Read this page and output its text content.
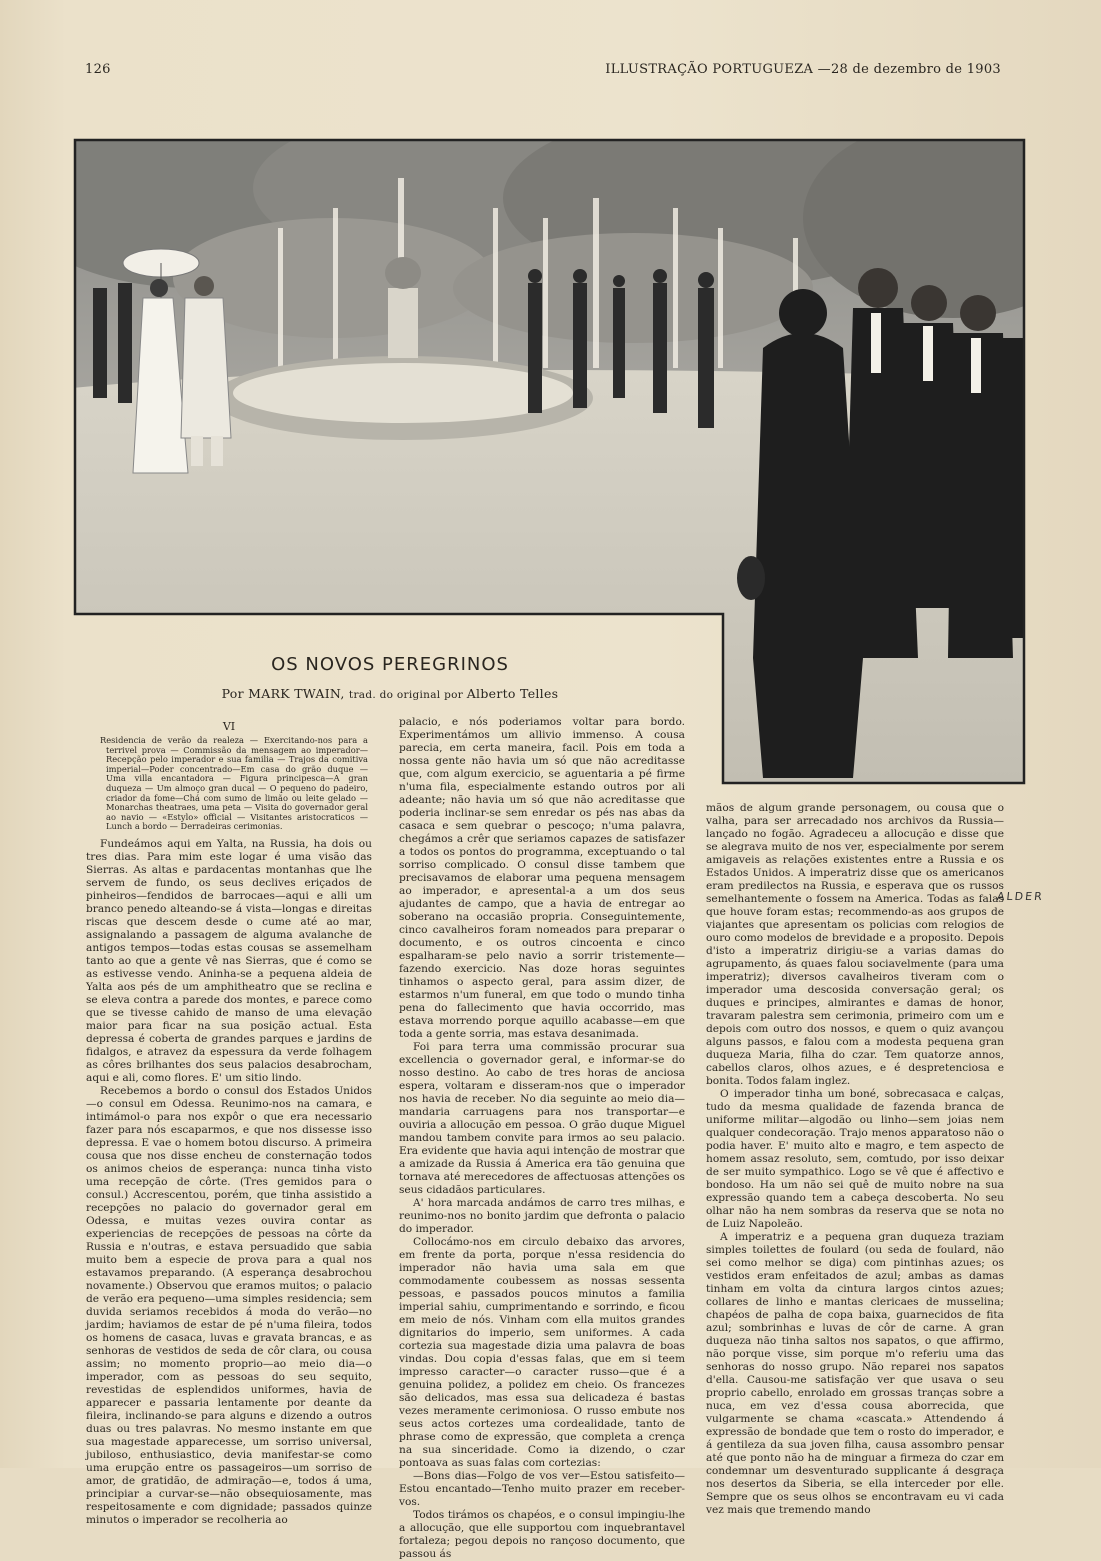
126	ILLUSTRAÇÃO PORTUGUEZA —28 de dezembro de 1903
ALDER
OS NOVOS PEREGRINOS
Por MARK TWAIN, trad. do original por Alberto Telles
VI
Residencia de verão da realeza — Exercitando-nos para a terrivel prova — Commissão da mensagem ao imperador—Recepção pelo imperador e sua familia — Trajos da comitiva imperial—Poder concentrado—Em casa do grão duque — Uma villa encantadora — Figura principesca—A gran duqueza — Um almoço gran ducal — O pequeno do padeiro, criador da fome—Chá com sumo de limão ou leite gelado — Monarchas theatraes, uma peta — Visita do governador geral ao navio — «Estylo» official — Visitantes aristocraticos — Lunch a bordo — Derradeiras cerimonias.

Fundeámos aqui em Yalta, na Russia, ha dois ou tres dias. Para mim este logar é uma visão das Sierras. As altas e pardacentas montanhas que lhe servem de fundo, os seus declives eriçados de pinheiros—fendidos de barrocaes—aqui e alli um branco penedo alteando-se á vista—longas e direitas riscas que descem desde o cume até ao mar, assignalando a passagem de alguma avalanche de antigos tempos—todas estas cousas se assemelham tanto ao que a gente vê nas Sierras, que é como se as estivesse vendo. Aninha-se a pequena aldeia de Yalta aos pés de um amphitheatro que se reclina e se eleva contra a parede dos montes, e parece como que se tivesse cahido de manso de uma elevação maior para ficar na sua posição actual. Esta depressa é coberta de grandes parques e jardins de fidalgos, e atravez da espessura da verde folhagem as côres brilhantes dos seus palacios desabrocham, aqui e ali, como flores. E' um sitio lindo.

Recebemos a bordo o consul dos Estados Unidos—o consul em Odessa. Reunimo-nos na camara, e intimámol-o para nos expôr o que era necessario fazer para nós escaparmos, e que nos dissesse isso depressa. E vae o homem botou discurso. A primeira cousa que nos disse encheu de consternação todos os animos cheios de esperança: nunca tinha visto uma recepção de côrte. (Tres gemidos para o consul.) Accrescentou, porém, que tinha assistido a recepções no palacio do governador geral em Odessa, e muitas vezes ouvira contar as experiencias de recepções de pessoas na côrte da Russia e n'outras, e estava persuadido que sabia muito bem a especie de prova para a qual nos estavamos preparando. (A esperança desabrochou novamente.) Observou que eramos muitos; o palacio de verão era pequeno—uma simples residencia; sem duvida seriamos recebidos á moda do verão—no jardim; haviamos de estar de pé n'uma fileira, todos os homens de casaca, luvas e gravata brancas, e as senhoras de vestidos de seda de côr clara, ou cousa assim; no momento proprio—ao meio dia—o imperador, com as pessoas do seu sequito, revestidas de esplendidos uniformes, havia de apparecer e passaria lentamente por deante da fileira, inclinando-se para alguns e dizendo a outros duas ou tres palavras. No mesmo instante em que sua magestade apparecesse, um sorriso universal, jubiloso, enthusiastico, devia manifestar-se como uma erupção entre os passageiros—um sorriso de amor, de gratidão, de admiração—e, todos á uma, principiar a curvar-se—não obsequiosamente, mas respeitosamente e com dignidade; passados quinze minutos o imperador se recolheria ao

palacio, e nós poderiamos voltar para bordo. Experimentámos um allivio immenso. A cousa parecia, em certa maneira, facil. Pois em toda a nossa gente não havia um só que não acreditasse que, com algum exercicio, se aguentaria a pé firme n'uma fila, especialmente estando outros por ali adeante; não havia um só que não acreditasse que poderia inclinar-se sem enredar os pés nas abas da casaca e sem quebrar o pescoço; n'uma palavra, chegámos a crêr que seriamos capazes de satisfazer a todos os pontos do programma, exceptuando o tal sorriso complicado. O consul disse tambem que precisavamos de elaborar uma pequena mensagem ao imperador, e apresental-a a um dos seus ajudantes de campo, que a havia de entregar ao soberano na occasião propria. Conseguintemente, cinco cavalheiros foram nomeados para preparar o documento, e os outros cincoenta e cinco espalharam-se pelo navio a sorrir tristemente—fazendo exercicio. Nas doze horas seguintes tinhamos o aspecto geral, para assim dizer, de estarmos n'um funeral, em que todo o mundo tinha pena do fallecimento que havia occorrido, mas estava morrendo porque aquillo acabasse—em que toda a gente sorria, mas estava desanimada.

Foi para terra uma commissão procurar sua excellencia o governador geral, e informar-se do nosso destino. Ao cabo de tres horas de anciosa espera, voltaram e disseram-nos que o imperador nos havia de receber. No dia seguinte ao meio dia—mandaria carruagens para nos transportar—e ouviria a allocução em pessoa. O grão duque Miguel mandou tambem convite para irmos ao seu palacio. Era evidente que havia aqui intenção de mostrar que a amizade da Russia á America era tão genuina que tornava até merecedores de affectuosas attenções os seus cidadãos particulares.

A' hora marcada andámos de carro tres milhas, e reunimo-nos no bonito jardim que defronta o palacio do imperador.

Collocámo-nos em circulo debaixo das arvores, em frente da porta, porque n'essa residencia do imperador não havia uma sala em que commodamente coubessem as nossas sessenta pessoas, e passados poucos minutos a familia imperial sahiu, cumprimentando e sorrindo, e ficou em meio de nós. Vinham com ella muitos grandes dignitarios do imperio, sem uniformes. A cada cortezia sua magestade dizia uma palavra de boas vindas. Dou copia d'essas falas, que em si teem impresso caracter—o caracter russo—que é a genuina polidez, a polidez em cheio. Os francezes são delicados, mas essa sua delicadeza é bastas vezes meramente cerimoniosa. O russo embute nos seus actos cortezes uma cordealidade, tanto de phrase como de expressão, que completa a crença na sua sinceridade. Como ia dizendo, o czar pontoava as suas falas com cortezias:

—Bons dias—Folgo de vos ver—Estou satisfeito—Estou encantado—Tenho muito prazer em receber-vos.

Todos tirámos os chapéos, e o consul impingiu-lhe a allocução, que elle supportou com inquebrantavel fortaleza; pegou depois no rançoso documento, que passou ás

mãos de algum grande personagem, ou cousa que o valha, para ser arrecadado nos archivos da Russia—lançado no fogão. Agradeceu a allocução e disse que se alegrava muito de nos ver, especialmente por serem amigaveis as relações existentes entre a Russia e os Estados Unidos. A imperatriz disse que os americanos eram predilectos na Russia, e esperava que os russos semelhantemente o fossem na America. Todas as falas que houve foram estas; recommendo-as aos grupos de viajantes que apresentam os policias com relogios de ouro como modelos de brevidade e a proposito. Depois d'isto a imperatriz dirigiu-se a varias damas do agrupamento, ás quaes falou sociavelmente (para uma imperatriz); diversos cavalheiros tiveram com o imperador uma descosida conversação geral; os duques e principes, almirantes e damas de honor, travaram palestra sem cerimonia, primeiro com um e depois com outro dos nossos, e quem o quiz avançou alguns passos, e falou com a modesta pequena gran duqueza Maria, filha do czar. Tem quatorze annos, cabellos claros, olhos azues, e é despretenciosa e bonita. Todos falam inglez.

O imperador tinha um boné, sobrecasaca e calças, tudo da mesma qualidade de fazenda branca de uniforme militar—algodão ou linho—sem joias nem qualquer condecoração. Trajo menos apparatoso não o podia haver. E' muito alto e magro, e tem aspecto de homem assaz resoluto, sem, comtudo, por isso deixar de ser muito sympathico. Logo se vê que é affectivo e bondoso. Ha um não sei quê de muito nobre na sua expressão quando tem a cabeça descoberta. No seu olhar não ha nem sombras da reserva que se nota no de Luiz Napoleão.

A imperatriz e a pequena gran duqueza traziam simples toilettes de foulard (ou seda de foulard, não sei como melhor se diga) com pintinhas azues; os vestidos eram enfeitados de azul; ambas as damas tinham em volta da cintura largos cintos azues; collares de linho e mantas clericaes de musselina; chapéos de palha de copa baixa, guarnecidos de fita azul; sombrinhas e luvas de côr de carne. A gran duqueza não tinha saltos nos sapatos, o que affirmo, não porque visse, sim porque m'o referiu uma das senhoras do nosso grupo. Não reparei nos sapatos d'ella. Causou-me satisfação ver que usava o seu proprio cabello, enrolado em grossas tranças sobre a nuca, em vez d'essa cousa aborrecida, que vulgarmente se chama «cascata.» Attendendo á expressão de bondade que tem o rosto do imperador, e á gentileza da sua joven filha, causa assombro pensar até que ponto não ha de minguar a firmeza do czar em condemnar um desventurado supplicante á desgraça nos desertos da Siberia, se ella interceder por elle. Sempre que os seus olhos se encontravam eu vi cada vez mais que tremendo mando
